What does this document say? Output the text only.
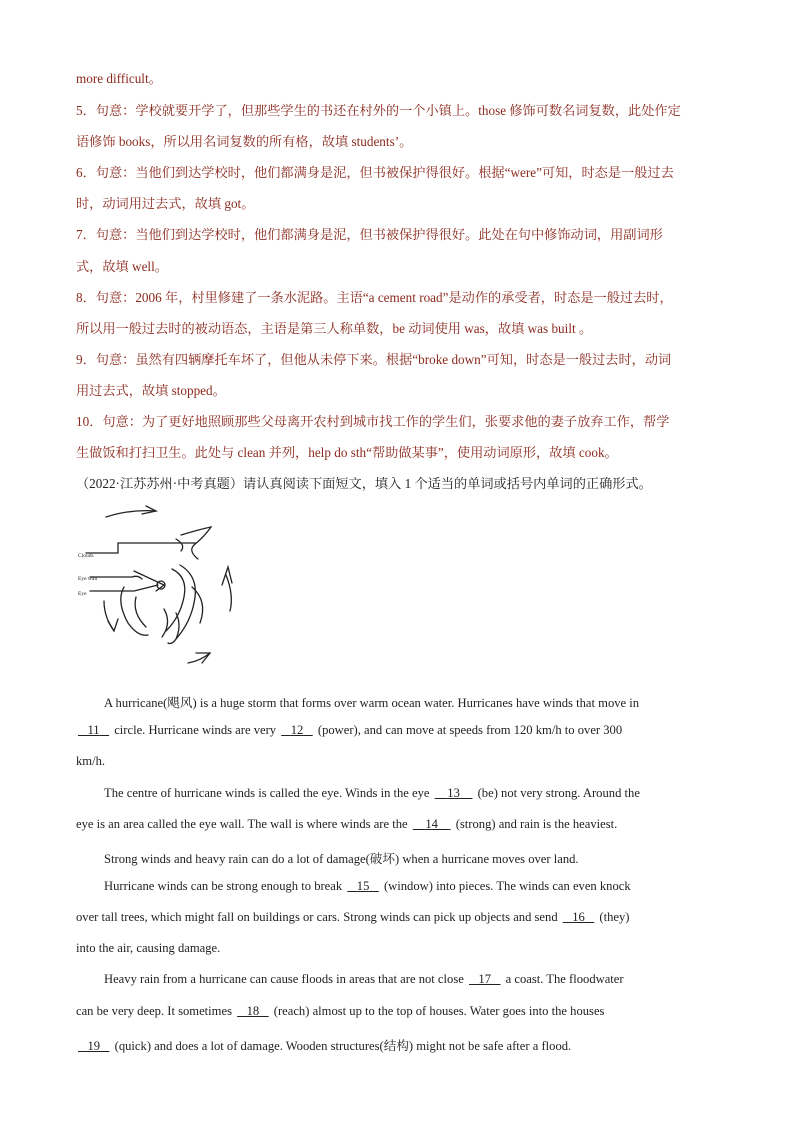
more difficult。
5．句意：学校就要开学了，但那些学生的书还在村外的一个小镇上。those 修饰可数名词复数，此处作定
语修饰 books，所以用名词复数的所有格，故填 students’。
6．句意：当他们到达学校时，他们都满身是泥，但书被保护得很好。根据“were”可知，时态是一般过去
时，动词用过去式，故填 got。
7．句意：当他们到达学校时，他们都满身是泥，但书被保护得很好。此处在句中修饰动词，用副词形
式，故填 well。
8．句意：2006 年，村里修建了一条水泥路。主语“a cement road”是动作的承受者，时态是一般过去时，
所以用一般过去时的被动语态，主语是第三人称单数，be 动词使用 was，故填 was built 。
9．句意：虽然有四辆摩托车坏了，但他从未停下来。根据“broke down”可知，时态是一般过去时，动词
用过去式，故填 stopped。
10．句意：为了更好地照顾那些父母离开农村到城市找工作的学生们，张要求他的妻子放弃工作，帮学
生做饭和打扫卫生。此处与 clean 并列，help do sth“帮助做某事”，使用动词原形，故填 cook。
（2022·江苏苏州·中考真题）请认真阅读下面短文，填入 1 个适当的单词或括号内单词的正确形式。
Clouds
Eye wall
Eye
A hurricane(飓风) is a huge storm that forms over warm ocean water. Hurricanes have winds that move in
11    circle. Hurricane winds are very    12    (power), and can move at speeds from 120 km/h to over 300
km/h.
The centre of hurricane winds is called the eye. Winds in the eye     13     (be) not very strong. Around the
eye is an area called the eye wall. The wall is where winds are the     14     (strong) and rain is the heaviest.
Strong winds and heavy rain can do a lot of damage(破坏) when a hurricane moves over land.
Hurricane winds can be strong enough to break    15    (window) into pieces. The winds can even knock
over tall trees, which might fall on buildings or cars. Strong winds can pick up objects and send    16    (they)
into the air, causing damage.
Heavy rain from a hurricane can cause floods in areas that are not close    17    a coast. The floodwater
can be very deep. It sometimes    18    (reach) almost up to the top of houses. Water goes into the houses
19    (quick) and does a lot of damage. Wooden structures(结构) might not be safe after a flood.
